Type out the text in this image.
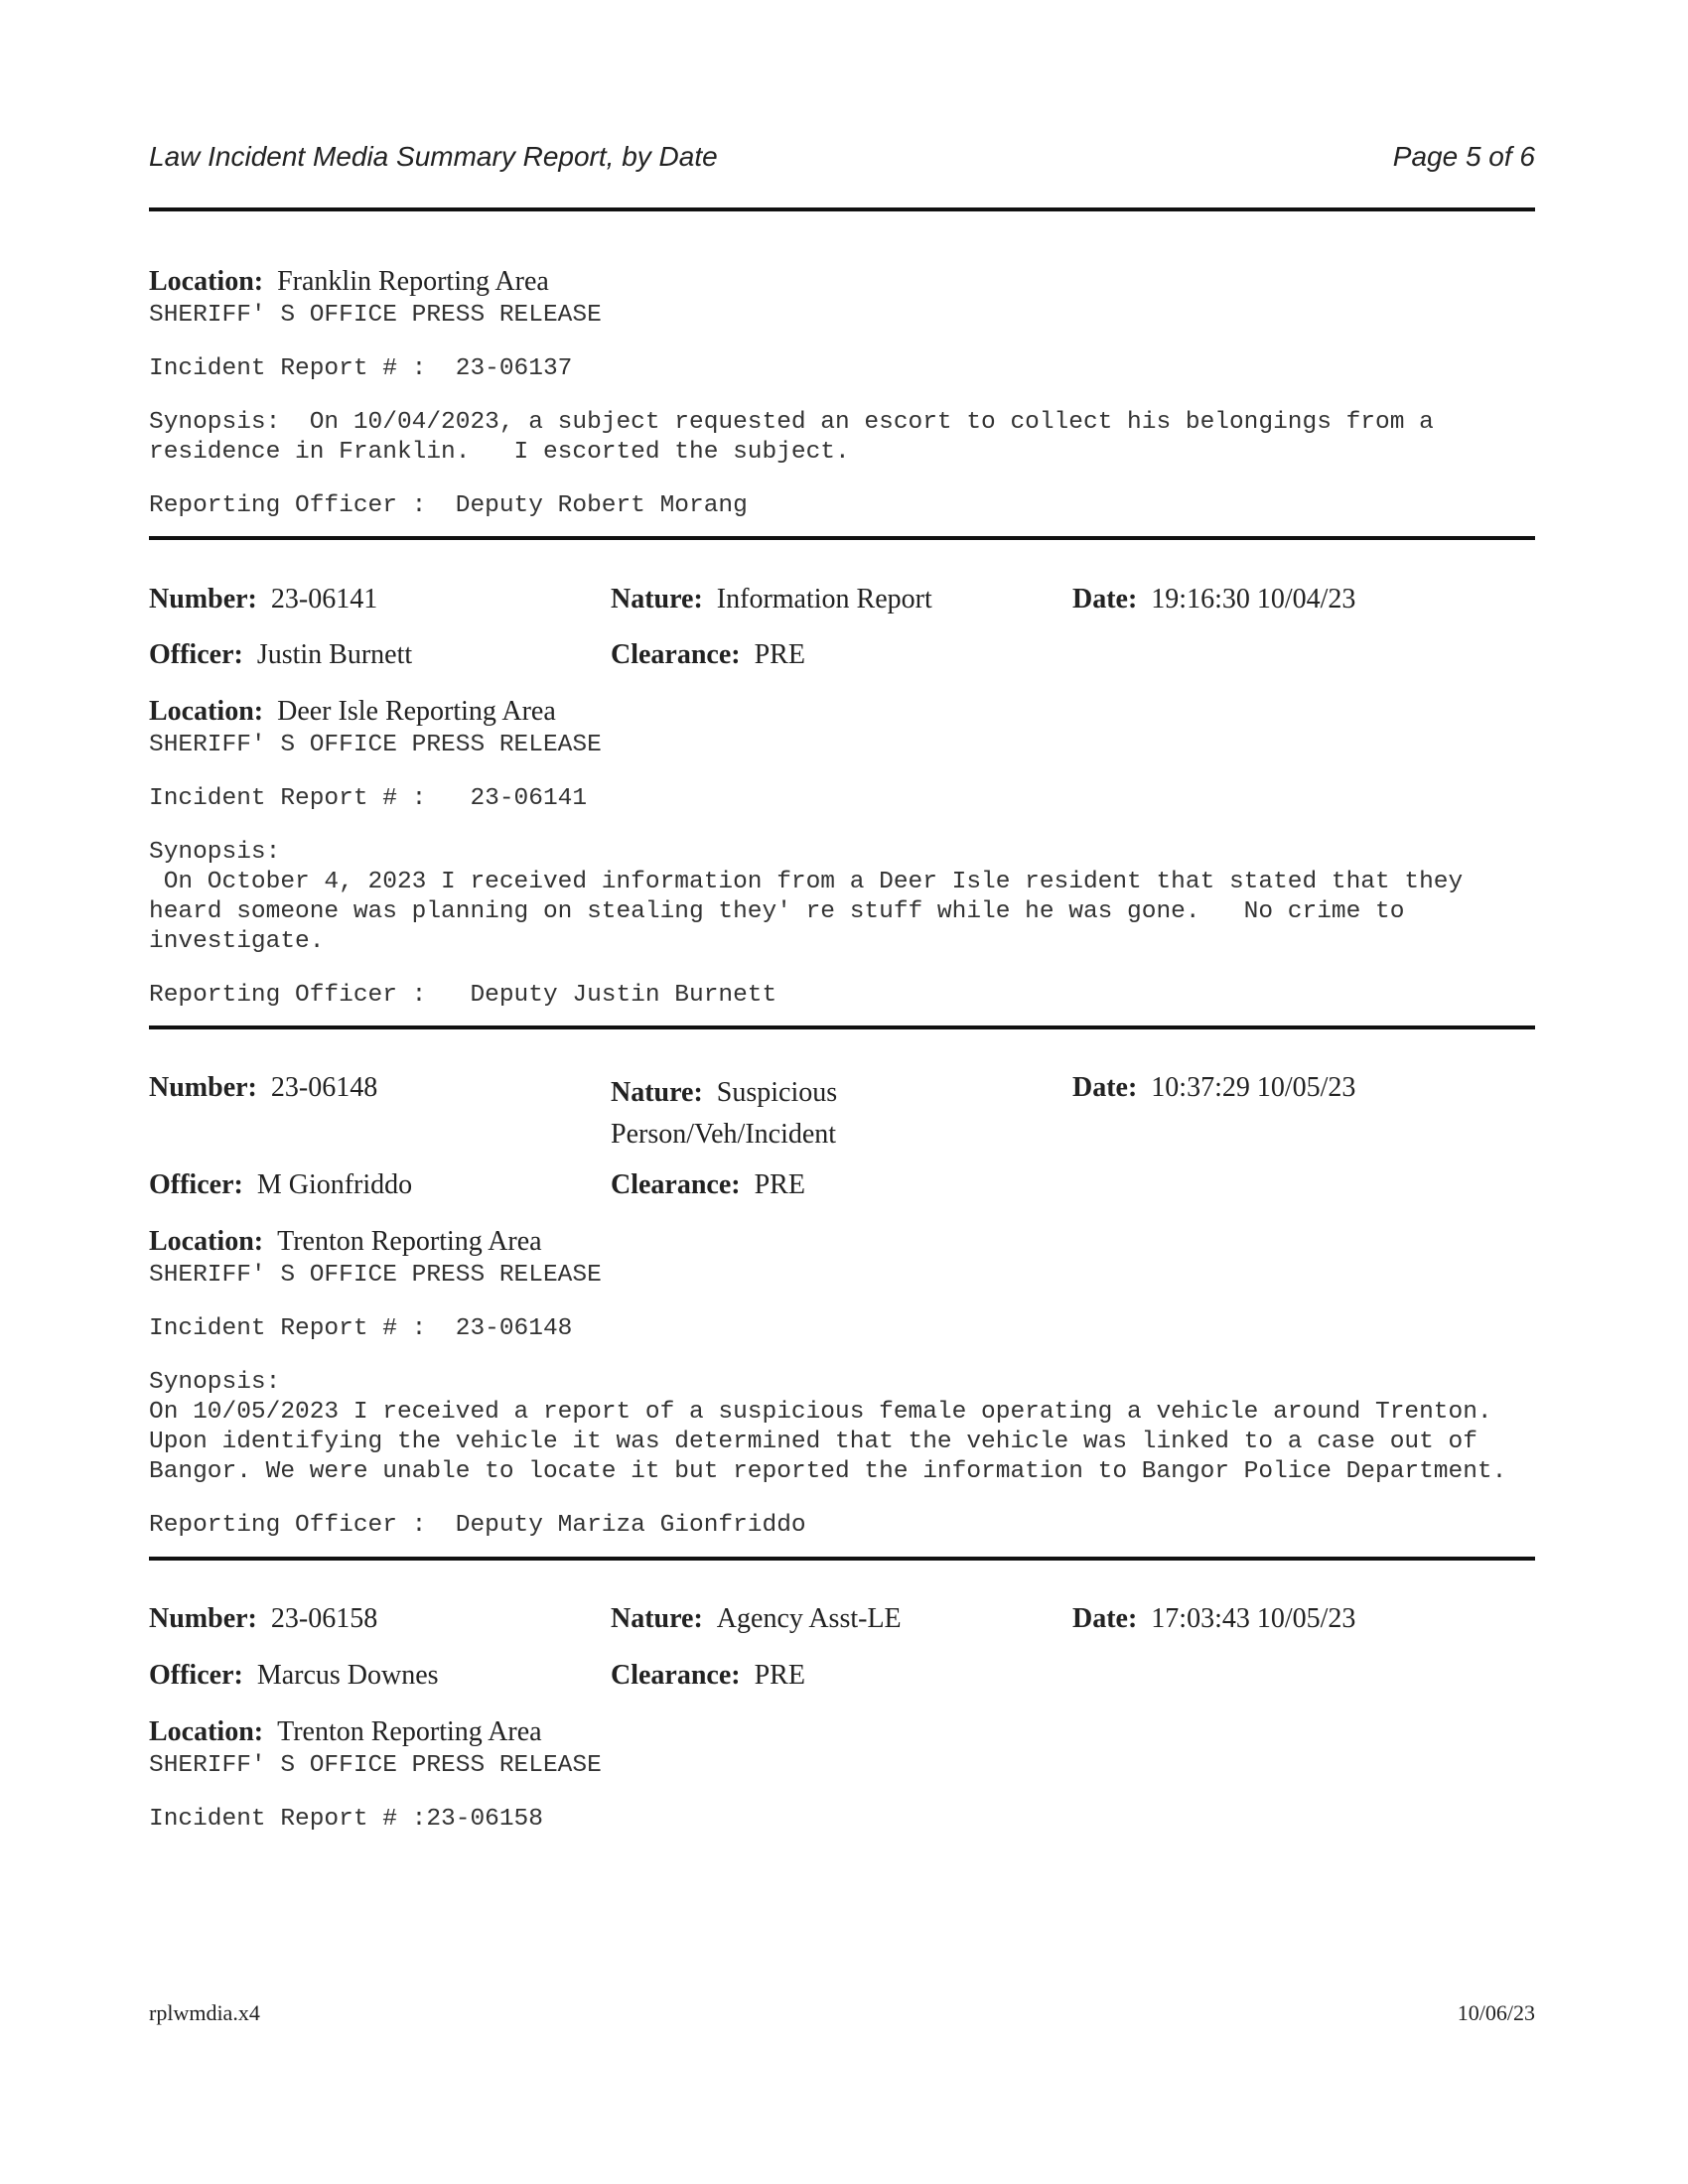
Law Incident Media Summary Report, by Date	Page 5 of 6
Location: Franklin Reporting Area
SHERIFF' S OFFICE PRESS RELEASE
Incident Report # :  23-06137
Synopsis:  On 10/04/2023, a subject requested an escort to collect his belongings from a
residence in Franklin.   I escorted the subject.
Reporting Officer :  Deputy Robert Morang
Number: 23-06141	Nature: Information Report	Date: 19:16:30 10/04/23
Officer: Justin Burnett	Clearance: PRE
Location: Deer Isle Reporting Area
SHERIFF' S OFFICE PRESS RELEASE
Incident Report # :   23-06141
Synopsis:
On October 4, 2023 I received information from a Deer Isle resident that stated that they
heard someone was planning on stealing they' re stuff while he was gone.   No crime to
investigate.
Reporting Officer :   Deputy Justin Burnett
Number: 23-06148	Nature: Suspicious
Person/Veh/Incident
Date: 10:37:29 10/05/23
Officer: M Gionfriddo	Clearance: PRE
Location: Trenton Reporting Area
SHERIFF' S OFFICE PRESS RELEASE
Incident Report # :  23-06148
Synopsis:
On 10/05/2023 I received a report of a suspicious female operating a vehicle around Trenton.
Upon identifying the vehicle it was determined that the vehicle was linked to a case out of
Bangor. We were unable to locate it but reported the information to Bangor Police Department.
Reporting Officer :  Deputy Mariza Gionfriddo
Number: 23-06158	Nature: Agency Asst-LE	Date: 17:03:43 10/05/23
Officer: Marcus Downes	Clearance: PRE
Location: Trenton Reporting Area
SHERIFF' S OFFICE PRESS RELEASE
Incident Report # :23-06158
rplwmdia.x4	10/06/23
